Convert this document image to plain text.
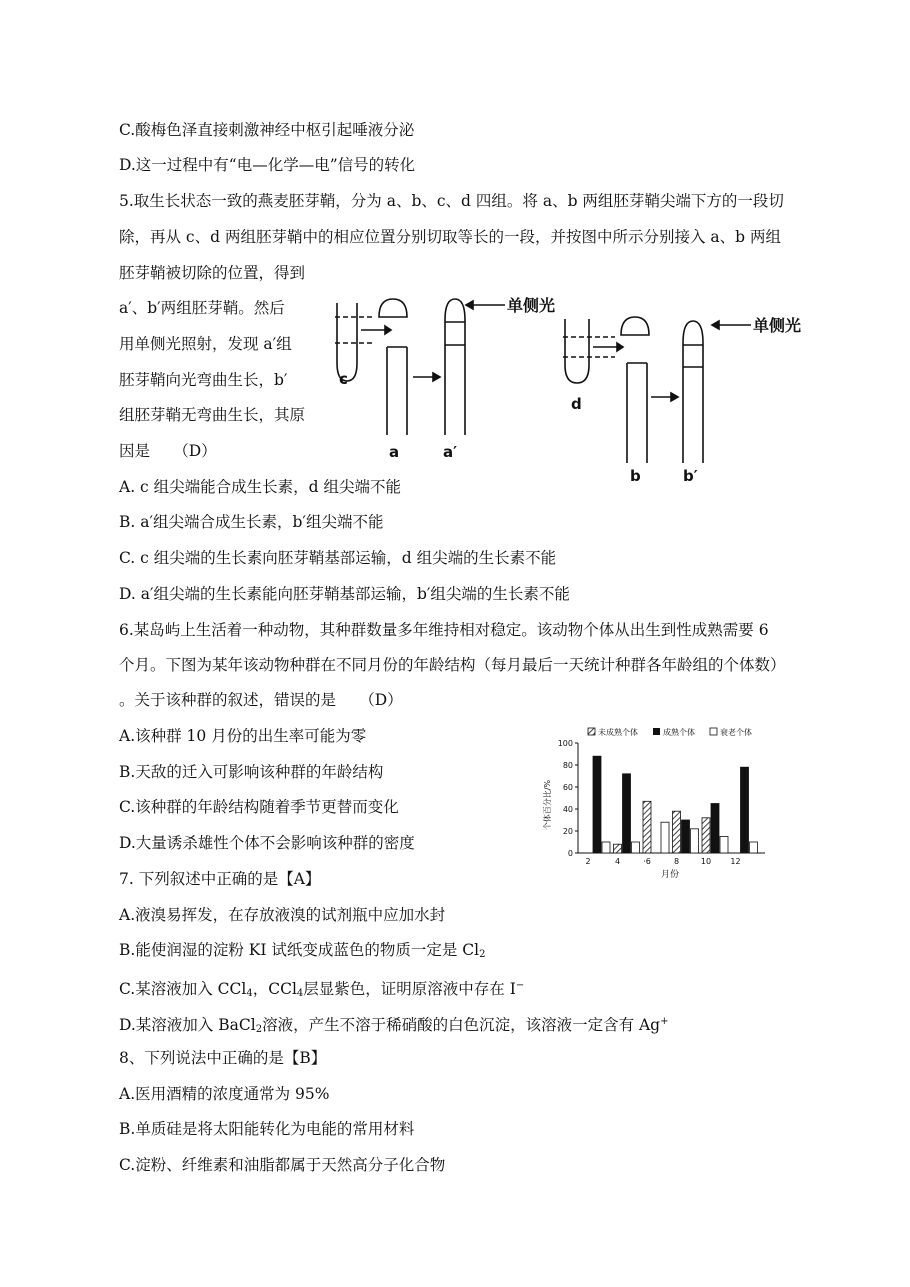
C.酸梅色泽直接刺激神经中枢引起唾液分泌
D.这一过程中有“电—化学—电”信号的转化
5.取生长状态一致的燕麦胚芽鞘，分为 a、b、c、d 四组。将 a、b 两组胚芽鞘尖端下方的一段切
除，再从 c、d 两组胚芽鞘中的相应位置分别切取等长的一段，并按图中所示分别接入 a、b 两组
胚芽鞘被切除的位置，得到
a′、b′两组胚芽鞘。然后
用单侧光照射，发现 a′组
胚芽鞘向光弯曲生长，b′
组胚芽鞘无弯曲生长，其原
因是　　（D）
A. c 组尖端能合成生长素，d 组尖端不能
B. a′组尖端合成生长素，b′组尖端不能
C. c 组尖端的生长素向胚芽鞘基部运输，d 组尖端的生长素不能
D. a′组尖端的生长素能向胚芽鞘基部运输，b′组尖端的生长素不能
6.某岛屿上生活着一种动物，其种群数量多年维持相对稳定。该动物个体从出生到性成熟需要 6
个月。下图为某年该动物种群在不同月份的年龄结构（每月最后一天统计种群各年龄组的个体数）
。关于该种群的叙述，错误的是　　（D）
A.该种群 10 月份的出生率可能为零
B.天敌的迁入可影响该种群的年龄结构
C.该种群的年龄结构随着季节更替而变化
D.大量诱杀雄性个体不会影响该种群的密度
7. 下列叙述中正确的是【A】
A.液溴易挥发，在存放液溴的试剂瓶中应加水封
B.能使润湿的淀粉 KI 试纸变成蓝色的物质一定是 $Cl_2$
C.某溶液加入 CCl$_4$，CCl$_4$层显紫色，证明原溶液中存在 I−
D.某溶液加入 BaCl$_2$溶液，产生不溶于稀硝酸的白色沉淀，该溶液一定含有 Ag+
8、下列说法中正确的是【B】
A.医用酒精的浓度通常为 95%
B.单质硅是将太阳能转化为电能的常用材料
C.淀粉、纤维素和油脂都属于天然高分子化合物
单侧光
单侧光
c
a	a′
d
b	b′
未成熟个体	成熟个体	衰老个体
0
20
40
60
80
100
2	4	·6	8	10 12
个体百分比/%
月份
